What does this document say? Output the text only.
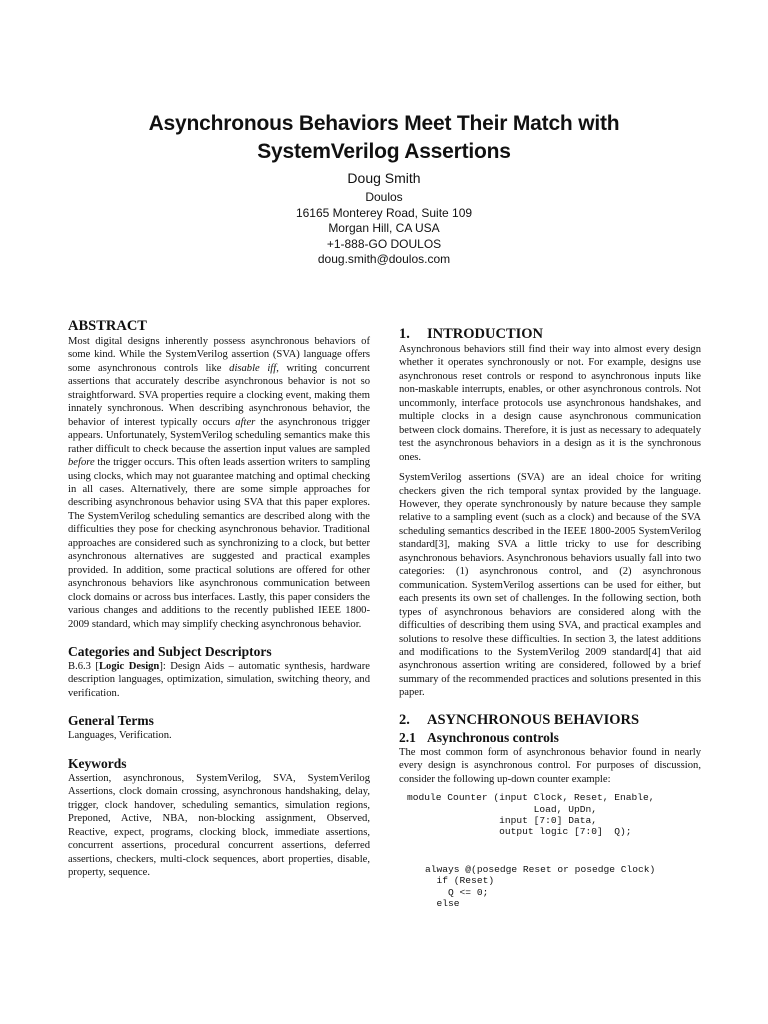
Asynchronous Behaviors Meet Their Match with
SystemVerilog Assertions
Doug Smith
Doulos
16165 Monterey Road, Suite 109
Morgan Hill, CA USA
+1-888-GO DOULOS
doug.smith@doulos.com
ABSTRACT

Most digital designs inherently possess asynchronous behaviors of some kind. While the SystemVerilog assertion (SVA) language offers some asynchronous controls like disable iff, writing concurrent assertions that accurately describe asynchronous behavior is not so straightforward. SVA properties require a clocking event, making them innately synchronous. When describing asynchronous behavior, the behavior of interest typically occurs after the asynchronous trigger appears. Unfortunately, SystemVerilog scheduling semantics make this rather difficult to check because the assertion input values are sampled before the trigger occurs. This often leads assertion writers to sampling using clocks, which may not guarantee matching and optimal checking in all cases. Alternatively, there are some simple approaches for describing asynchronous behavior using SVA that this paper explores. The SystemVerilog scheduling semantics are described along with the difficulties they pose for checking asynchronous behavior. Traditional approaches are considered such as synchronizing to a clock, but better asynchronous alternatives are suggested and practical examples provided. In addition, some practical solutions are offered for other asynchronous behaviors like asynchronous communication between clock domains or across bus interfaces. Lastly, this paper considers the various changes and additions to the recently published IEEE 1800-2009 standard, which may simplify checking asynchronous behavior.

Categories and Subject Descriptors

B.6.3 [Logic Design]: Design Aids – automatic synthesis, hardware description languages, optimization, simulation, switching theory, and verification.

General Terms

Languages, Verification.

Keywords

Assertion, asynchronous, SystemVerilog, SVA, SystemVerilog Assertions, clock domain crossing, asynchronous handshaking, delay, trigger, clock handover, scheduling semantics, simulation regions, Preponed, Active, NBA, non-blocking assignment, Observed, Reactive, expect, programs, clocking block, immediate assertions, concurrent assertions, procedural concurrent assertions, deferred assertions, checkers, multi-clock sequences, abort properties, disable, property, sequence.

1. INTRODUCTION

Asynchronous behaviors still find their way into almost every design whether it operates synchronously or not. For example, designs use asynchronous reset controls or respond to asynchronous inputs like non-maskable interrupts, enables, or other asynchronous controls. Not uncommonly, interface protocols use asynchronous handshakes, and multiple clocks in a design cause asynchronous communication between clock domains. Therefore, it is just as necessary to adequately test the asynchronous behaviors in a design as it is the synchronous ones.

SystemVerilog assertions (SVA) are an ideal choice for writing checkers given the rich temporal syntax provided by the language. However, they operate synchronously by nature because they sample relative to a sampling event (such as a clock) and because of the SVA scheduling semantics described in the IEEE 1800-2005 SystemVerilog standard[3], making SVA a little tricky to use for describing asynchronous behaviors. Asynchronous behaviors usually fall into two categories: (1) asynchronous control, and (2) asynchronous communication. SystemVerilog assertions can be used for either, but each presents its own set of challenges. In the following section, both types of asynchronous behaviors are considered along with the difficulties of describing them using SVA, and practical examples and solutions to resolve these difficulties. In section 3, the latest additions and modifications to the SystemVerilog 2009 standard[4] that aid asynchronous assertion writing are considered, followed by a brief summary of the recommended practices and solutions presented in this paper.

2. ASYNCHRONOUS BEHAVIORS
2.1 Asynchronous controls

The most common form of asynchronous behavior found in nearly every design is asynchronous control. For purposes of discussion, consider the following up-down counter example:

module Counter (input Clock, Reset, Enable,
Load, UpDn,
input [7:0] Data,
output logic [7:0]  Q);
always @(posedge Reset or posedge Clock)
if (Reset)
Q <= 0;
else
